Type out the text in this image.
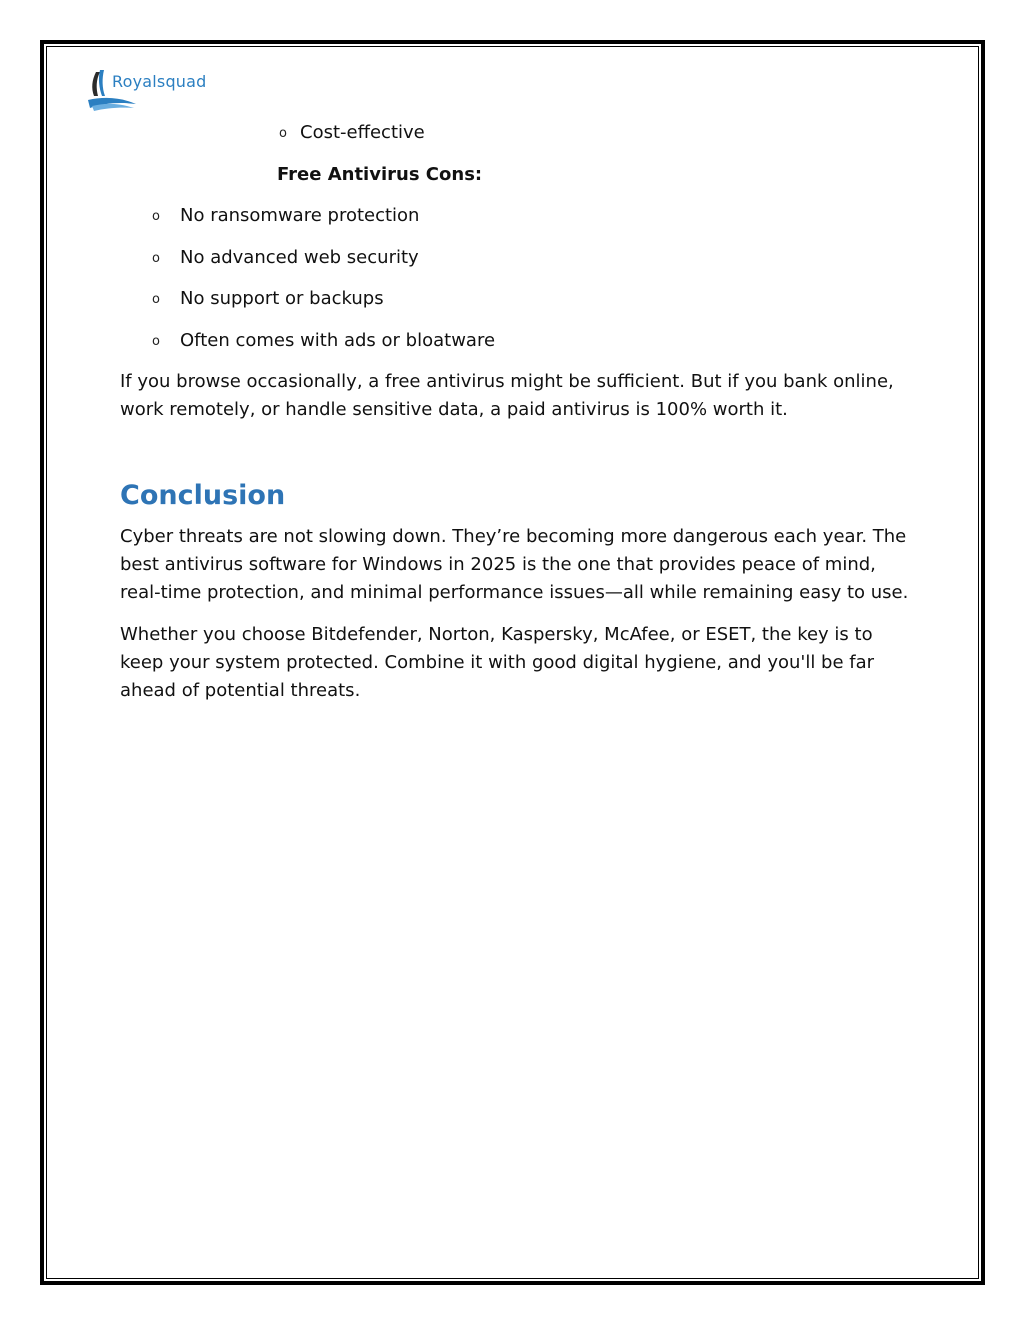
Royalsquad
o Cost-effective
Free Antivirus Cons:
o No ransomware protection
o No advanced web security
o No support or backups
o Often comes with ads or bloatware
If you browse occasionally, a free antivirus might be sufficient. But if you bank online,
work remotely, or handle sensitive data, a paid antivirus is 100% worth it.
Conclusion
Cyber threats are not slowing down. They’re becoming more dangerous each year. The
best antivirus software for Windows in 2025 is the one that provides peace of mind,
real-time protection, and minimal performance issues—all while remaining easy to use.
Whether you choose Bitdefender, Norton, Kaspersky, McAfee, or ESET, the key is to
keep your system protected. Combine it with good digital hygiene, and you'll be far
ahead of potential threats.
